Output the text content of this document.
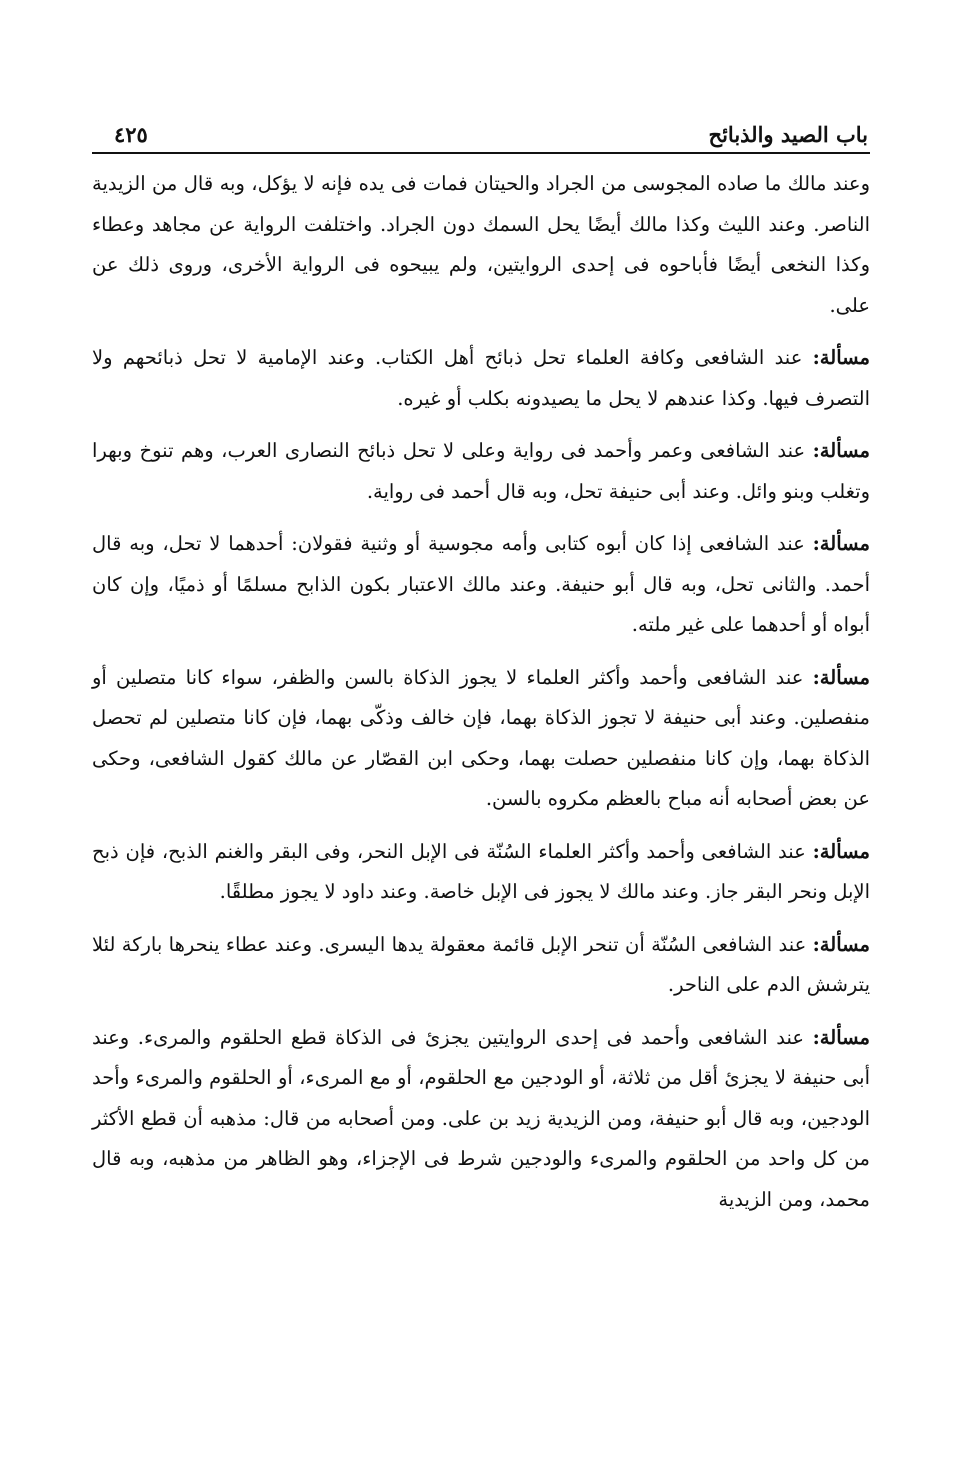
باب الصيد والذبائح
٤٢٥

وعند مالك ما صاده المجوسى من الجراد والحيتان فمات فى يده فإنه لا يؤكل، وبه قال من الزيدية الناصر. وعند الليث وكذا مالك أيضًا يحل السمك دون الجراد. واختلفت الرواية عن مجاهد وعطاء وكذا النخعى أيضًا فأباحوه فى إحدى الروايتين، ولم يبيحوه فى الرواية الأخرى، وروى ذلك عن على.

مسألة: عند الشافعى وكافة العلماء تحل ذبائح أهل الكتاب. وعند الإمامية لا تحل ذبائحهم ولا التصرف فيها. وكذا عندهم لا يحل ما يصيدونه بكلب أو غيره.

مسألة: عند الشافعى وعمر وأحمد فى رواية وعلى لا تحل ذبائح النصارى العرب، وهم تنوخ وبهرا وتغلب وبنو وائل. وعند أبى حنيفة تحل، وبه قال أحمد فى رواية.

مسألة: عند الشافعى إذا كان أبوه كتابى وأمه مجوسية أو وثنية فقولان: أحدهما لا تحل، وبه قال أحمد. والثانى تحل، وبه قال أبو حنيفة. وعند مالك الاعتبار بكون الذابح مسلمًا أو ذميًا، وإن كان أبواه أو أحدهما على غير ملته.

مسألة: عند الشافعى وأحمد وأكثر العلماء لا يجوز الذكاة بالسن والظفر، سواء كانا متصلين أو منفصلين. وعند أبى حنيفة لا تجوز الذكاة بهما، فإن خالف وذكّى بهما، فإن كانا متصلين لم تحصل الذكاة بهما، وإن كانا منفصلين حصلت بهما، وحكى ابن القصّار عن مالك كقول الشافعى، وحكى عن بعض أصحابه أنه مباح بالعظم مكروه بالسن.

مسألة: عند الشافعى وأحمد وأكثر العلماء السُنّة فى الإبل النحر، وفى البقر والغنم الذبح، فإن ذبح الإبل ونحر البقر جاز. وعند مالك لا يجوز فى الإبل خاصة. وعند داود لا يجوز مطلقًا.

مسألة: عند الشافعى السُنّة أن تنحر الإبل قائمة معقولة يدها اليسرى. وعند عطاء ينحرها باركة لئلا يترشش الدم على الناحر.

مسألة: عند الشافعى وأحمد فى إحدى الروايتين يجزئ فى الذكاة قطع الحلقوم والمرىء. وعند أبى حنيفة لا يجزئ أقل من ثلاثة، أو الودجين مع الحلقوم، أو مع المرىء، أو الحلقوم والمرىء وأحد الودجين، وبه قال أبو حنيفة، ومن الزيدية زيد بن على. ومن أصحابه من قال: مذهبه أن قطع الأكثر من كل واحد من الحلقوم والمرىء والودجين شرط فى الإجزاء، وهو الظاهر من مذهبه، وبه قال محمد، ومن الزيدية
